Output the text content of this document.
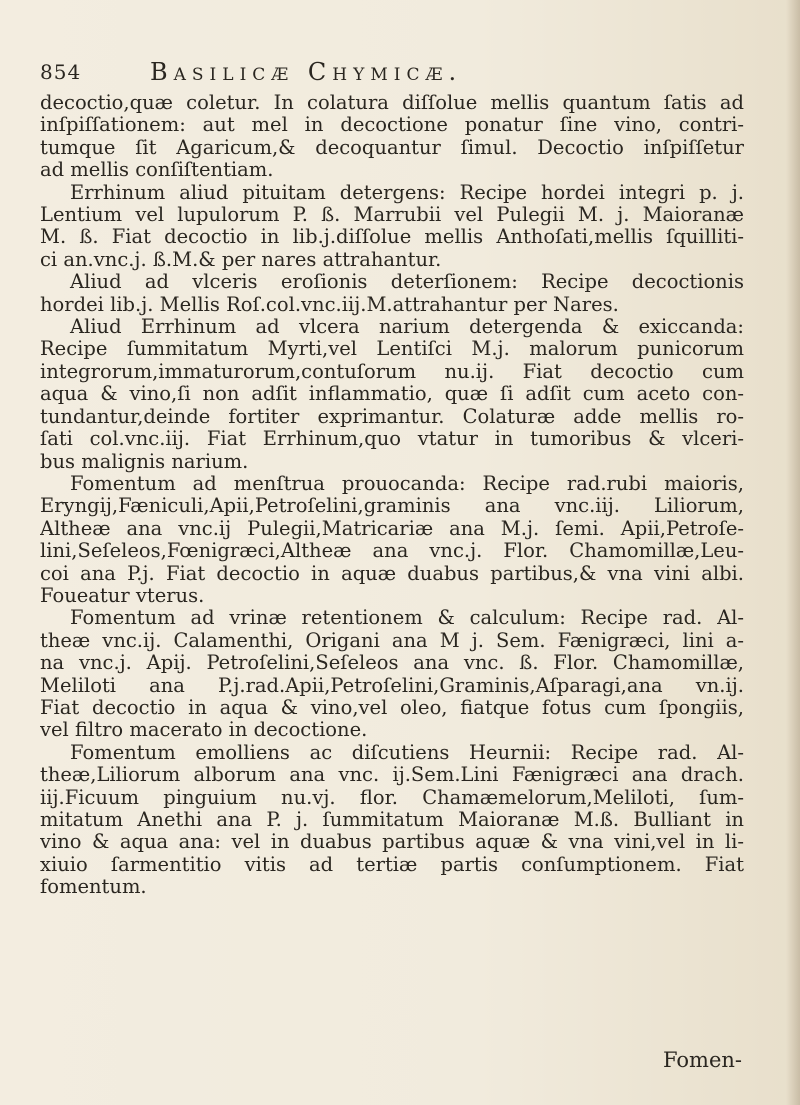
854	Basilicæ Chymicæ.
decoctio,quæ coletur. In colatura diſſolue mellis quantum ſatis ad
inſpiſſationem: aut mel in decoctione ponatur ſine vino, contri-
tumque ſit Agaricum,& decoquantur ſimul. Decoctio inſpiſſetur
ad mellis conſiſtentiam.
Errhinum aliud pituitam detergens: Recipe hordei integri p. j.
Lentium vel lupulorum P. ß. Marrubii vel Pulegii M. j. Maioranæ
M. ß. Fiat decoctio in lib.j.diſſolue mellis Anthoſati,mellis ſquilliti-
ci an.vnc.j. ß.M.& per nares attrahantur.
Aliud ad vlceris eroſionis deterſionem: Recipe decoctionis
hordei lib.j. Mellis Roſ.col.vnc.iij.M.attrahantur per Nares.
Aliud Errhinum ad vlcera narium detergenda & exiccanda:
Recipe ſummitatum Myrti,vel Lentiſci M.j. malorum punicorum
integrorum,immaturorum,contuſorum nu.ij. Fiat decoctio cum
aqua & vino,ſi non adſit inflammatio, quæ ſi adſit cum aceto con-
tundantur,deinde fortiter exprimantur. Colaturæ adde mellis ro-
ſati col.vnc.iij. Fiat Errhinum,quo vtatur in tumoribus & vlceri-
bus malignis narium.
Fomentum ad menſtrua prouocanda: Recipe rad.rubi maioris,
Eryngij,Fæniculi,Apii,Petroſelini,graminis ana vnc.iij. Liliorum,
Altheæ ana vnc.ij Pulegii,Matricariæ ana M.j. ſemi. Apii,Petroſe-
lini,Seſeleos,Fœnigræci,Altheæ ana vnc.j. Flor. Chamomillæ,Leu-
coi ana P.j. Fiat decoctio in aquæ duabus partibus,& vna vini albi.
Foueatur vterus.
Fomentum ad vrinæ retentionem & calculum: Recipe rad. Al-
theæ vnc.ij. Calamenthi, Origani ana M j. Sem. Fænigræci, lini a-
na vnc.j. Apij. Petroſelini,Seſeleos ana vnc. ß. Flor. Chamomillæ,
Meliloti ana P.j.rad.Apii,Petroſelini,Graminis,Aſparagi,ana vn.ij.
Fiat decoctio in aqua & vino,vel oleo, fiatque fotus cum ſpongiis,
vel filtro macerato in decoctione.
Fomentum emolliens ac diſcutiens Heurnii: Recipe rad. Al-
theæ,Liliorum alborum ana vnc. ij.Sem.Lini Fænigræci ana drach.
iij.Ficuum pinguium nu.vj. flor. Chamæmelorum,Meliloti, ſum-
mitatum Anethi ana P. j. ſummitatum Maioranæ M.ß. Bulliant in
vino & aqua ana: vel in duabus partibus aquæ & vna vini,vel in li-
xiuio ſarmentitio vitis ad tertiæ partis conſumptionem. Fiat
fomentum.
Fomen-
